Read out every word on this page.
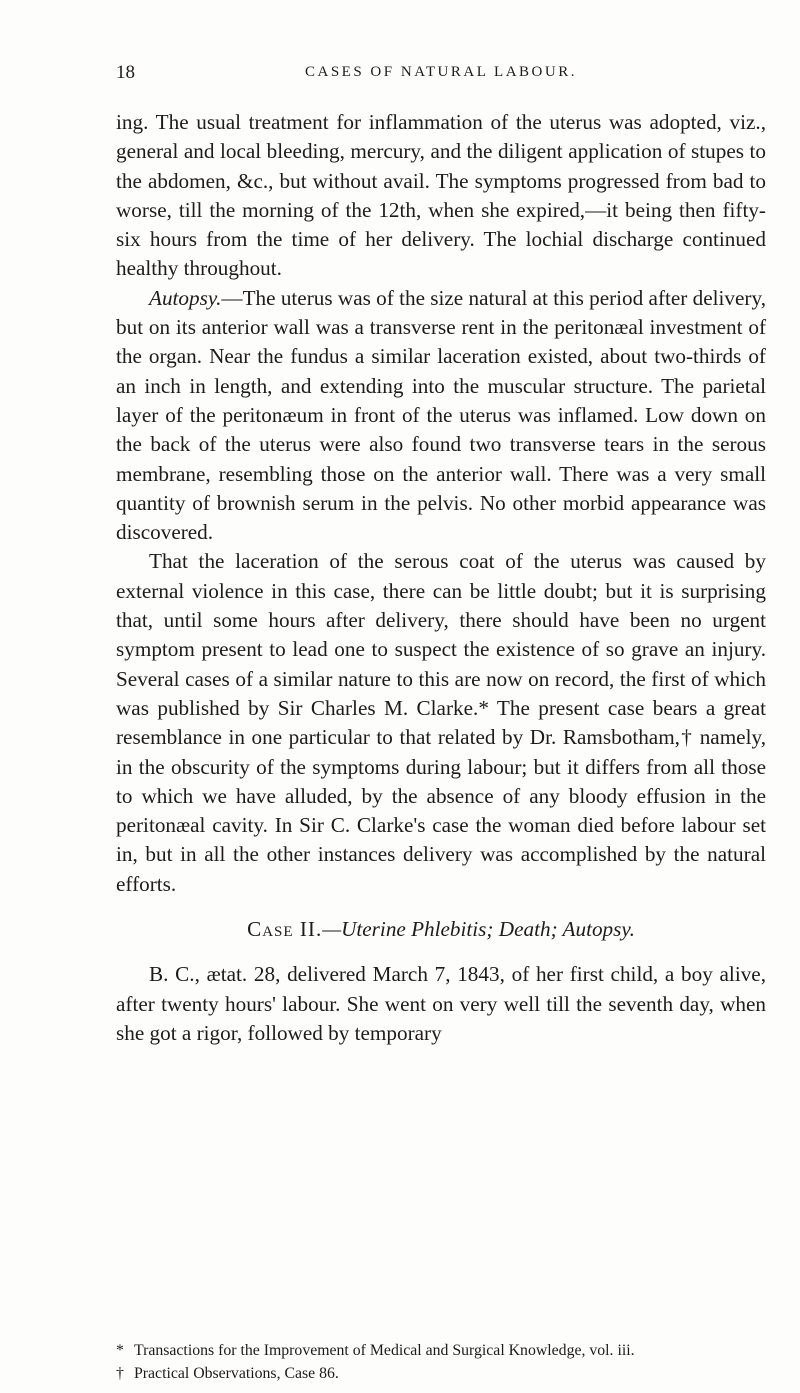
18	CASES OF NATURAL LABOUR.

ing. The usual treatment for inflammation of the uterus was adopted, viz., general and local bleeding, mercury, and the diligent application of stupes to the abdomen, &c., but without avail. The symptoms progressed from bad to worse, till the morning of the 12th, when she expired,—it being then fifty-six hours from the time of her delivery. The lochial discharge continued healthy throughout.

Autopsy.—The uterus was of the size natural at this period after delivery, but on its anterior wall was a transverse rent in the peritonæal investment of the organ. Near the fundus a similar laceration existed, about two-thirds of an inch in length, and extending into the muscular structure. The parietal layer of the peritonæum in front of the uterus was inflamed. Low down on the back of the uterus were also found two transverse tears in the serous membrane, resembling those on the anterior wall. There was a very small quantity of brownish serum in the pelvis. No other morbid appearance was discovered.

That the laceration of the serous coat of the uterus was caused by external violence in this case, there can be little doubt; but it is surprising that, until some hours after delivery, there should have been no urgent symptom present to lead one to suspect the existence of so grave an injury. Several cases of a similar nature to this are now on record, the first of which was published by Sir Charles M. Clarke.* The present case bears a great resemblance in one particular to that related by Dr. Ramsbotham,† namely, in the obscurity of the symptoms during labour; but it differs from all those to which we have alluded, by the absence of any bloody effusion in the peritonæal cavity. In Sir C. Clarke's case the woman died before labour set in, but in all the other instances delivery was accomplished by the natural efforts.

Case II.—Uterine Phlebitis; Death; Autopsy.

B. C., ætat. 28, delivered March 7, 1843, of her first child, a boy alive, after twenty hours' labour. She went on very well till the seventh day, when she got a rigor, followed by temporary

* Transactions for the Improvement of Medical and Surgical Knowledge, vol. iii.

† Practical Observations, Case 86.
